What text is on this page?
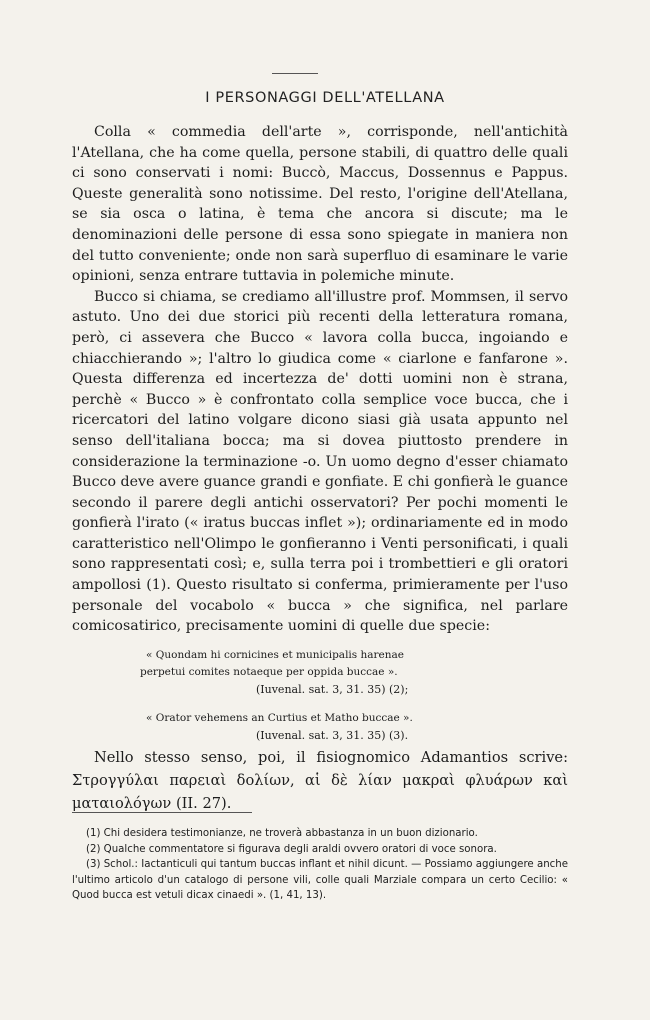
I PERSONAGGI DELL'ATELLANA

Colla « commedia dell'arte », corrisponde, nell'antichità l'Atellana, che ha come quella, persone stabili, di quattro delle quali ci sono conservati i nomi: Buccò, Maccus, Dossennus e Pappus. Queste generalità sono notissime. Del resto, l'origine dell'Atellana, se sia osca o latina, è tema che ancora si discute; ma le denominazioni delle persone di essa sono spiegate in maniera non del tutto conveniente; onde non sarà superfluo di esaminare le varie opinioni, senza entrare tuttavia in polemiche minute.

Bucco si chiama, se crediamo all'illustre prof. Mommsen, il servo astuto. Uno dei due storici più recenti della letteratura romana, però, ci assevera che Bucco « lavora colla bucca, ingoiando e chiacchierando »; l'altro lo giudica come « ciarlone e fanfarone ». Questa differenza ed incertezza de' dotti uomini non è strana, perchè « Bucco » è confrontato colla semplice voce bucca, che i ricercatori del latino volgare dicono siasi già usata appunto nel senso dell'italiana bocca; ma si dovea piuttosto prendere in considerazione la terminazione -o. Un uomo degno d'esser chiamato Bucco deve avere guance grandi e gonfiate. E chi gonfierà le guance secondo il parere degli antichi osservatori? Per pochi momenti le gonfierà l'irato (« iratus buccas inflet »); ordinariamente ed in modo caratteristico nell'Olimpo le gonfieranno i Venti personificati, i quali sono rappresentati così; e, sulla terra poi i trombettieri e gli oratori ampollosi (1). Questo risultato si conferma, primieramente per l'uso personale del vocabolo « bucca » che significa, nel parlare comicosatirico, precisamente uomini di quelle due specie:

« Quondam hi cornicines et municipalis harenae
perpetui comites notaeque per oppida buccae ».
(Iuvenal. sat. 3, 31. 35) (2);
« Orator vehemens an Curtius et Matho buccae ».
(Iuvenal. sat. 3, 31. 35) (3).

Nello stesso senso, poi, il fisiognomico Adamantios scrive: Στρογγύλαι παρειαὶ δολίων, αἱ δὲ λίαν μακραὶ φλυάρων καὶ ματαιολόγων (II. 27).

(1) Chi desidera testimonianze, ne troverà abbastanza in un buon dizionario.

(2) Qualche commentatore si figurava degli araldi ovvero oratori di voce sonora.

(3) Schol.: Iactanticuli qui tantum buccas inflant et nihil dicunt. — Possiamo aggiungere anche l'ultimo articolo d'un catalogo di persone vili, colle quali Marziale compara un certo Cecilio: « Quod bucca est vetuli dicax cinaedi ». (1, 41, 13).
